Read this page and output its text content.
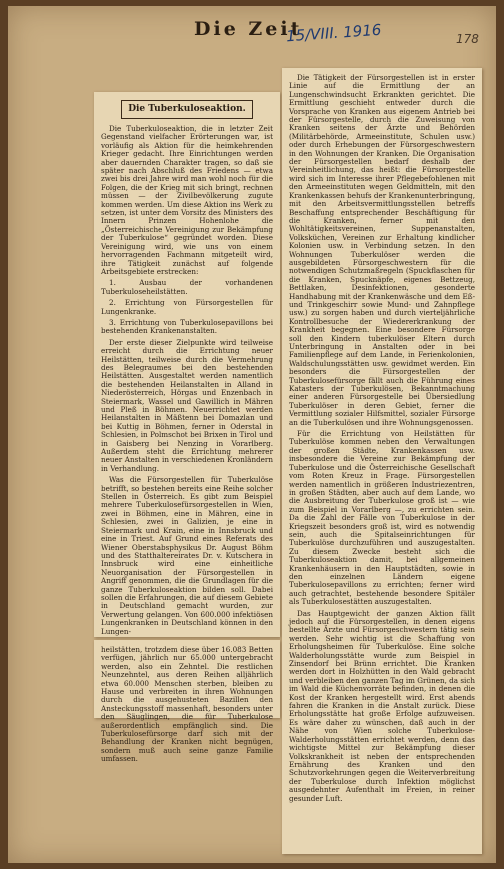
Die Zeit
15/VIII. 1916	178
Die Tuberkuloseaktion.

Die Tuberkuloseaktion, die in letzter Zeit Gegenstand vielfacher Erörterungen war, ist vorläufig als Aktion für die heimkehrenden Krieger gedacht. Ihre Einrichtungen werden aber dauernden Charakter tragen, so daß sie später nach Abschluß des Friedens — etwa zwei bis drei Jahre wird man wohl noch für die Folgen, die der Krieg mit sich bringt, rechnen müssen — der Zivilbevölkerung zugute kommen werden. Um diese Aktion ins Werk zu setzen, ist unter dem Vorsitz des Ministers des Innern Prinzen Hohenlohe die „Österreichische Vereinigung zur Bekämpfung der Tuberkulose“ gegründet worden. Diese Vereinigung wird, wie uns von einem hervorragenden Fachmann mitgeteilt wird, ihre Tätigkeit zunächst auf folgende Arbeitsgebiete erstrecken:

1. Ausbau der vorhandenen Tuberkuloseheilstätten.

2. Errichtung von Fürsorgestellen für Lungenkranke.

3. Errichtung von Tuberkulosepavillons bei bestehenden Krankenanstalten.

Der erste dieser Zielpunkte wird teilweise erreicht durch die Errichtung neuer Heilstätten, teilweise durch die Vermehrung des Belegraumes bei den bestehenden Heilstätten. Ausgestaltet werden namentlich die bestehenden Heilanstalten in Alland in Niederösterreich, Hörgas und Enzenbach in Steiermark, Wassel und Gawillich in Mähren und Pleß in Böhmen. Neuerrichtet werden Heilanstalten in Mäßtenn bei Domazlan und bei Kuttig in Böhmen, ferner in Oderstal in Schlesien, in Polmschot bei Brixen in Tirol und in Gaisberg bei Nenzing in Vorarlberg. Außerdem steht die Errichtung mehrerer neuer Anstalten in verschiedenen Kronländern in Verhandlung.

Was die Fürsorgestellen für Tuberkulöse betrifft, so bestehen bereits eine Reihe solcher Stellen in Österreich. Es gibt zum Beispiel mehrere Tuberkulosefürsorgestellen in Wien, zwei in Böhmen, eine in Mähren, eine in Schlesien, zwei in Galizien, je eine in Steiermark und Krain, eine in Innsbruck und eine in Triest. Auf Grund eines Referats des Wiener Oberstabsphysikus Dr. August Böhm und des Statthaltereirates Dr. v. Kutschera in Innsbruck wird eine einheitliche Neuorganisation der Fürsorgestellen in Angriff genommen, die die Grundlagen für die ganze Tuberkuloseaktion bilden soll. Dabei sollen die Erfahrungen, die auf diesem Gebiete in Deutschland gemacht wurden, zur Verwertung gelangen. Von 600.000 infektiösen Lungenkranken in Deutschland können in den Lungen-

heilstätten, trotzdem diese über 16.083 Betten verfügen, jährlich nur 65.000 untergebracht werden, also ein Zehntel. Die restlichen Neunzehntel, aus deren Reihen alljährlich etwa 60.000 Menschen sterben, bleiben zu Hause und verbreiten in ihren Wohnungen durch die ausgehusteten Bazillen den Ansteckungsstoff massenhaft, besonders unter den Säuglingen, die für Tuberkulose außerordentlich empfänglich sind. Die Tuberkulosefürsorge darf sich mit der Behandlung der Kranken nicht begnügen, sondern muß auch seine ganze Familie umfassen.

Die Tätigkeit der Fürsorgestellen ist in erster Linie auf die Ermittlung der an Lungenschwindsucht Erkrankten gerichtet. Die Ermittlung geschieht entweder durch die Vorsprache von Kranken aus eigenem Antrieb bei der Fürsorgestelle, durch die Zuweisung von Kranken seitens der Ärzte und Behörden (Militärbehörde, Armeeinstitute, Schulen usw.) oder durch Erhebungen der Fürsorgeschwestern in den Wohnungen der Kranken. Die Organisation der Fürsorgestellen bedarf deshalb der Vereinheitlichung, das heißt: die Fürsorgestelle wird sich im Interesse ihrer Pflegebefohlenen mit den Armeeinstituten wegen Geldmitteln, mit den Krankenkassen behufs der Krankenunterbringung, mit den Arbeitsvermittlungsstellen betreffs Beschaffung entsprechender Beschäftigung für die Kranken, ferner mit den Wohltätigkeitsvereinen, Suppenanstalten, Volksküchen, Vereinen zur Erhaltung kindlicher Kolonien usw. in Verbindung setzen. In den Wohnungen Tuberkulöser werden die ausgebildeten Fürsorgeschwestern für die notwendigen Schutzmaßregeln (Spuckflaschen für die Kranken, Spucknäpfe, eigenes Bettzeug, Bettlaken, Desinfektionen, gesonderte Handhabung mit der Krankenwäsche und dem Eß- und Trinkgeschirr sowie Mund- und Zahnpflege usw.) zu sorgen haben und durch vierteljährliche Kontrollbesuche der Wiedererkrankung der Krankheit begegnen. Eine besondere Fürsorge soll den Kindern tuberkulöser Eltern durch Unterbringung in Anstalten oder in bei Familienpflege auf dem Lande, in Ferienkolonien, Waldschulungsstätten usw. gewidmet werden. Ein besonders die Fürsorgestellen der Tuberkulosefürsorge fällt auch die Führung eines Katasters der Tuberkulösen, Bekanntmachung einer anderen Fürsorgestelle bei Übersiedlung Tuberkulöser in deren Gebiet, ferner die Vermittlung sozialer Hilfsmittel, sozialer Fürsorge an die Tuberkulösen und ihre Wohnungsgenossen.

Für die Errichtung von Heilstätten für Tuberkulöse kommen neben den Verwaltungen der großen Städte, Krankenkassen usw. insbesondere die Vereine zur Bekämpfung der Tuberkulose und die Österreichische Gesellschaft vom Roten Kreuz in Frage. Fürsorgestellen werden namentlich in größeren Industriezentren, in großen Städten, aber auch auf dem Lande, wo die Ausbreitung der Tuberkulose groß ist — wie zum Beispiel in Vorarlberg —, zu errichten sein. Da die Zahl der Fälle von Tuberkulose in der Kriegszeit besonders groß ist, wird es notwendig sein, auch die Spitalseinrichtungen für Tuberkulöse durchzuführen und auszugestalten. Zu diesem Zwecke besteht sich die Tuberkuloseaktion damit, bei allgemeinen Krankenhäusern in den Hauptstädten, sowie in den einzelnen Ländern eigene Tuberkulosepavillons zu errichten; ferner wird auch getrachtet, bestehende besondere Spitäler als Tuberkulosestätten auszugestalten.

Das Hauptgewicht der ganzen Aktion fällt jedoch auf die Fürsorgestellen, in denen eigens bestellte Ärzte und Fürsorgeschwestern tätig sein werden. Sehr wichtig ist die Schaffung von Erholungsheimen für Tuberkulöse. Eine solche Walderholungsstätte wurde zum Beispiel in Zinsendorf bei Brünn errichtet. Die Kranken werden dort in Holzhütten in den Wald gebracht und verbleiben den ganzen Tag im Grünen, da sich im Wald die Küchenvorräte befinden, in denen die Kost der Kranken hergestellt wird. Erst abends fahren die Kranken in die Anstalt zurück. Diese Erholungsstätte hat große Erfolge aufzuweisen. Es wäre daher zu wünschen, daß auch in der Nähe von Wien solche Tuberkulose-Walderholungsstätten errichtet werden, denn das wichtigste Mittel zur Bekämpfung dieser Volkskrankheit ist neben der entsprechenden Ernährung des Kranken und den Schutzvorkehrungen gegen die Weiterverbreitung der Tuberkulose durch Infektion möglichst ausgedehnter Aufenthalt im Freien, in reiner gesunder Luft.
